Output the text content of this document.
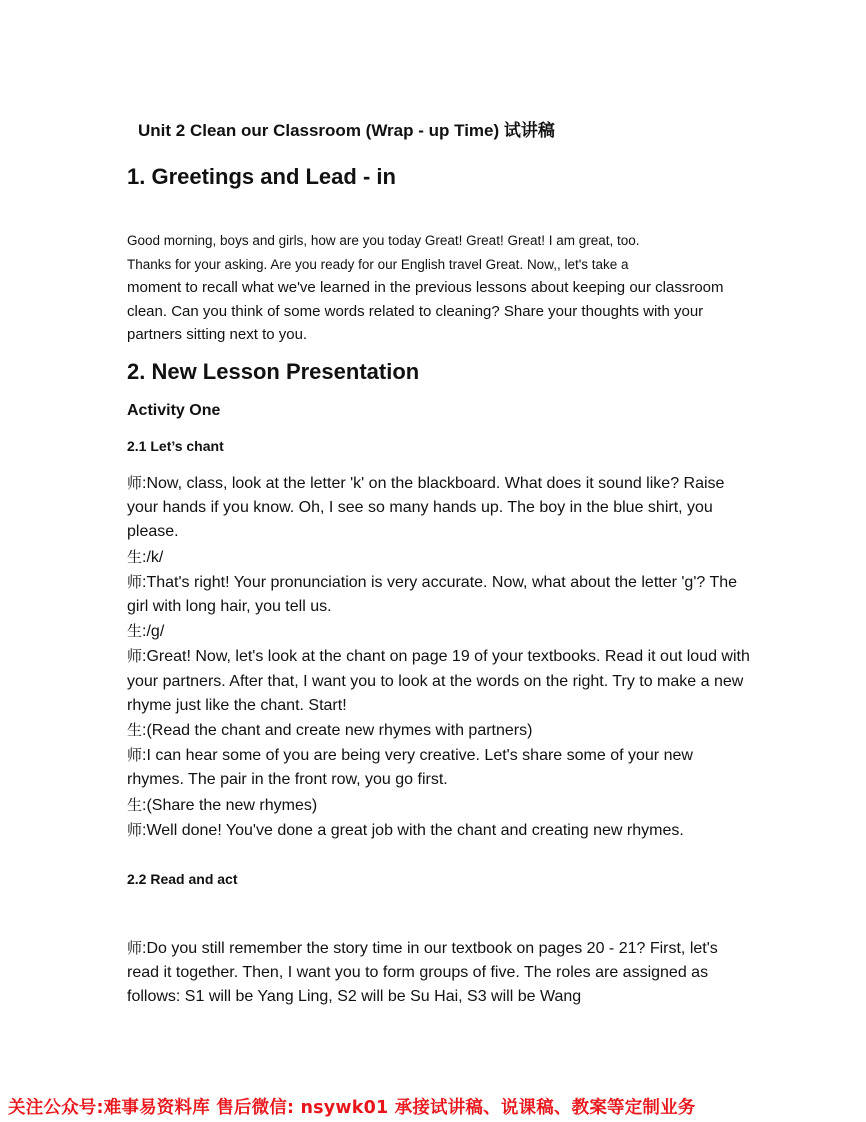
Unit 2 Clean our Classroom (Wrap - up Time) 试讲稿
1. Greetings and Lead - in

Good morning, boys and girls, how are you today Great! Great! Great! I am great, too.

Thanks for your asking. Are you ready for our English travel Great. Now,, let's take a

moment to recall what we've learned in the previous lessons about keeping our classroom clean. Can you think of some words related to cleaning? Share your thoughts with your partners sitting next to you.

2. New Lesson Presentation
Activity One
2.1 Let’s chant

师:Now, class, look at the letter 'k' on the blackboard. What does it sound like? Raise your hands if you know. Oh, I see so many hands up. The boy in the blue shirt, you please.

生:/k/

师:That's right! Your pronunciation is very accurate. Now, what about the letter 'g'? The girl with long hair, you tell us.

生:/g/

师:Great! Now, let's look at the chant on page 19 of your textbooks. Read it out loud with your partners. After that, I want you to look at the words on the right. Try to make a new rhyme just like the chant. Start!

生:(Read the chant and create new rhymes with partners)

师:I can hear some of you are being very creative. Let's share some of your new rhymes. The pair in the front row, you go first.

生:(Share the new rhymes)

师:Well done! You've done a great job with the chant and creating new rhymes.

2.2 Read and act

师:Do you still remember the story time in our textbook on pages 20 - 21? First, let's read it together. Then, I want you to form groups of five. The roles are assigned as follows: S1 will be Yang Ling, S2 will be Su Hai, S3 will be Wang

关注公众号:难事易资料库 售后微信: nsywk01 承接试讲稿、说课稿、教案等定制业务
